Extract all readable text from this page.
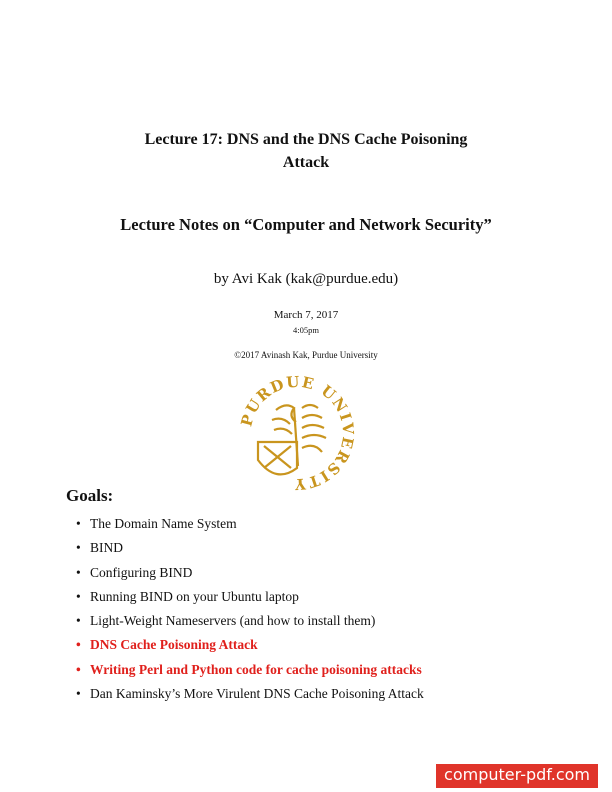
Lecture 17: DNS and the DNS Cache Poisoning
Attack
Lecture Notes on “Computer and Network Security”
by Avi Kak (kak@purdue.edu)
March 7, 2017
4:05pm
©2017 Avinash Kak, Purdue University
PURDUE UNIVERSITY
Goals:
• The Domain Name System
• BIND
• Configuring BIND
• Running BIND on your Ubuntu laptop
• Light-Weight Nameservers (and how to install them)
• DNS Cache Poisoning Attack
• Writing Perl and Python code for cache poisoning attacks
• Dan Kaminsky’s More Virulent DNS Cache Poisoning Attack
computer-pdf.com
